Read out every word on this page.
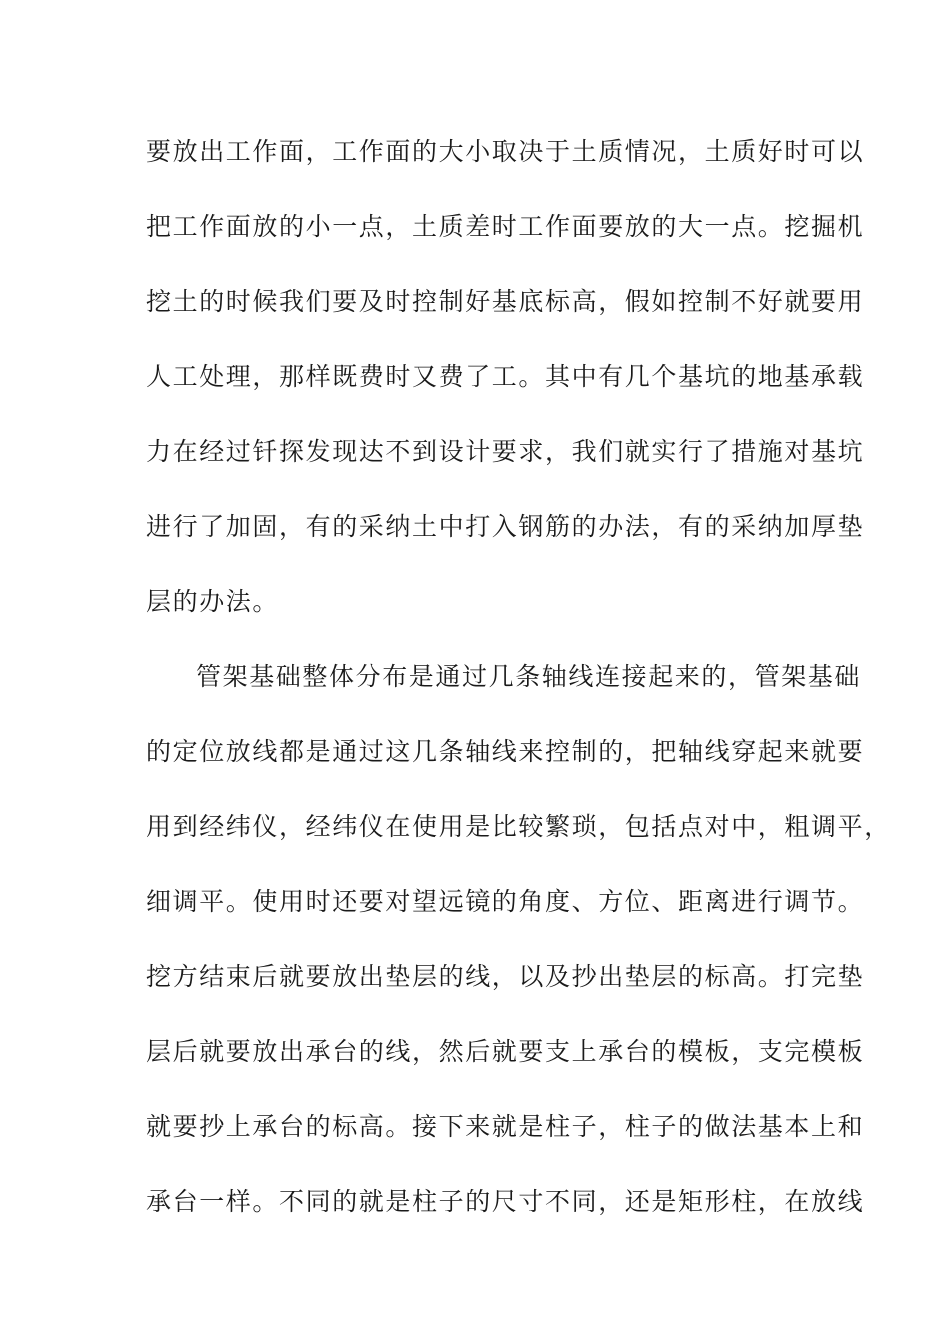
要放出工作面，工作面的大小取决于土质情况，土质好时可以
把工作面放的小一点，土质差时工作面要放的大一点。挖掘机
挖土的时候我们要及时控制好基底标高，假如控制不好就要用
人工处理，那样既费时又费了工。其中有几个基坑的地基承载
力在经过钎探发现达不到设计要求，我们就实行了措施对基坑
进行了加固，有的采纳土中打入钢筋的办法，有的采纳加厚垫
层的办法。
管架基础整体分布是通过几条轴线连接起来的，管架基础
的定位放线都是通过这几条轴线来控制的，把轴线穿起来就要
用到经纬仪，经纬仪在使用是比较繁琐，包括点对中，粗调平，
细调平。使用时还要对望远镜的角度、方位、距离进行调节。
挖方结束后就要放出垫层的线，以及抄出垫层的标高。打完垫
层后就要放出承台的线，然后就要支上承台的模板，支完模板
就要抄上承台的标高。接下来就是柱子，柱子的做法基本上和
承台一样。不同的就是柱子的尺寸不同，还是矩形柱，在放线
